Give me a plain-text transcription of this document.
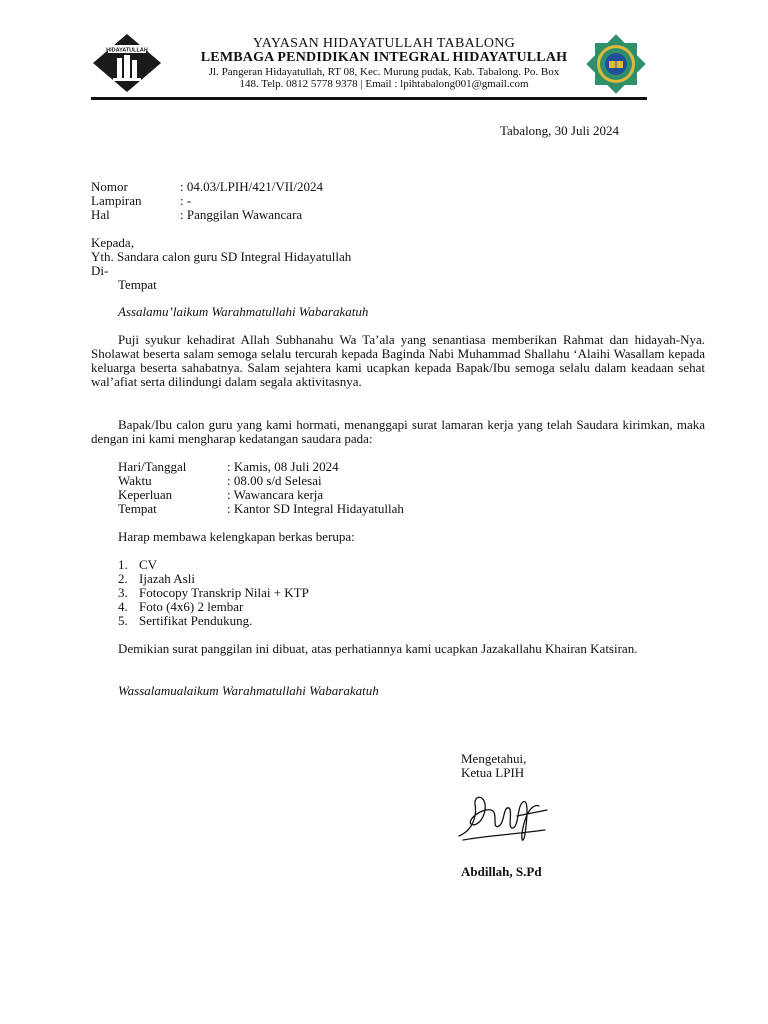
HIDAYATULLAH	YAYASAN HIDAYATULLAH TABALONG
LEMBAGA PENDIDIKAN INTEGRAL HIDAYATULLAH
Jl. Pangeran Hidayatullah, RT 08, Kec. Murung pudak, Kab. Tabalong. Po. Box
148. Telp. 0812 5778 9378 | Email : lpihtabalong001@gmail.com
Tabalong, 30 Juli 2024
Nomor	: 04.03/LPIH/421/VII/2024
Lampiran	: -
Hal	: Panggilan Wawancara
Kepada,
Yth. Sandara calon guru SD Integral Hidayatullah
Di-
Tempat
Assalamu’laikum Warahmatullahi Wabarakatuh
Puji syukur kehadirat Allah Subhanahu Wa Ta’ala yang senantiasa memberikan Rahmat dan hidayah-Nya. Sholawat beserta salam semoga selalu tercurah kepada Baginda Nabi Muhammad Shallahu ‘Alaihi Wasallam kepada keluarga beserta sahabatnya. Salam sejahtera kami ucapkan kepada Bapak/Ibu semoga selalu dalam keadaan sehat wal’afiat serta dilindungi dalam segala aktivitasnya.
Bapak/Ibu calon guru yang kami hormati, menanggapi surat lamaran kerja yang telah Saudara kirimkan, maka dengan ini kami mengharap kedatangan saudara pada:
Hari/Tanggal	: Kamis, 08 Juli 2024
Waktu	: 08.00 s/d Selesai
Keperluan	: Wawancara kerja
Tempat	: Kantor SD Integral Hidayatullah
Harap membawa kelengkapan berkas berupa:
1. CV
2. Ijazah Asli
3. Fotocopy Transkrip Nilai + KTP
4. Foto (4x6) 2 lembar
5. Sertifikat Pendukung.
Demikian surat panggilan ini dibuat, atas perhatiannya kami ucapkan Jazakallahu Khairan Katsiran.
Wassalamualaikum Warahmatullahi Wabarakatuh
Mengetahui,
Ketua LPIH
Abdillah, S.Pd
